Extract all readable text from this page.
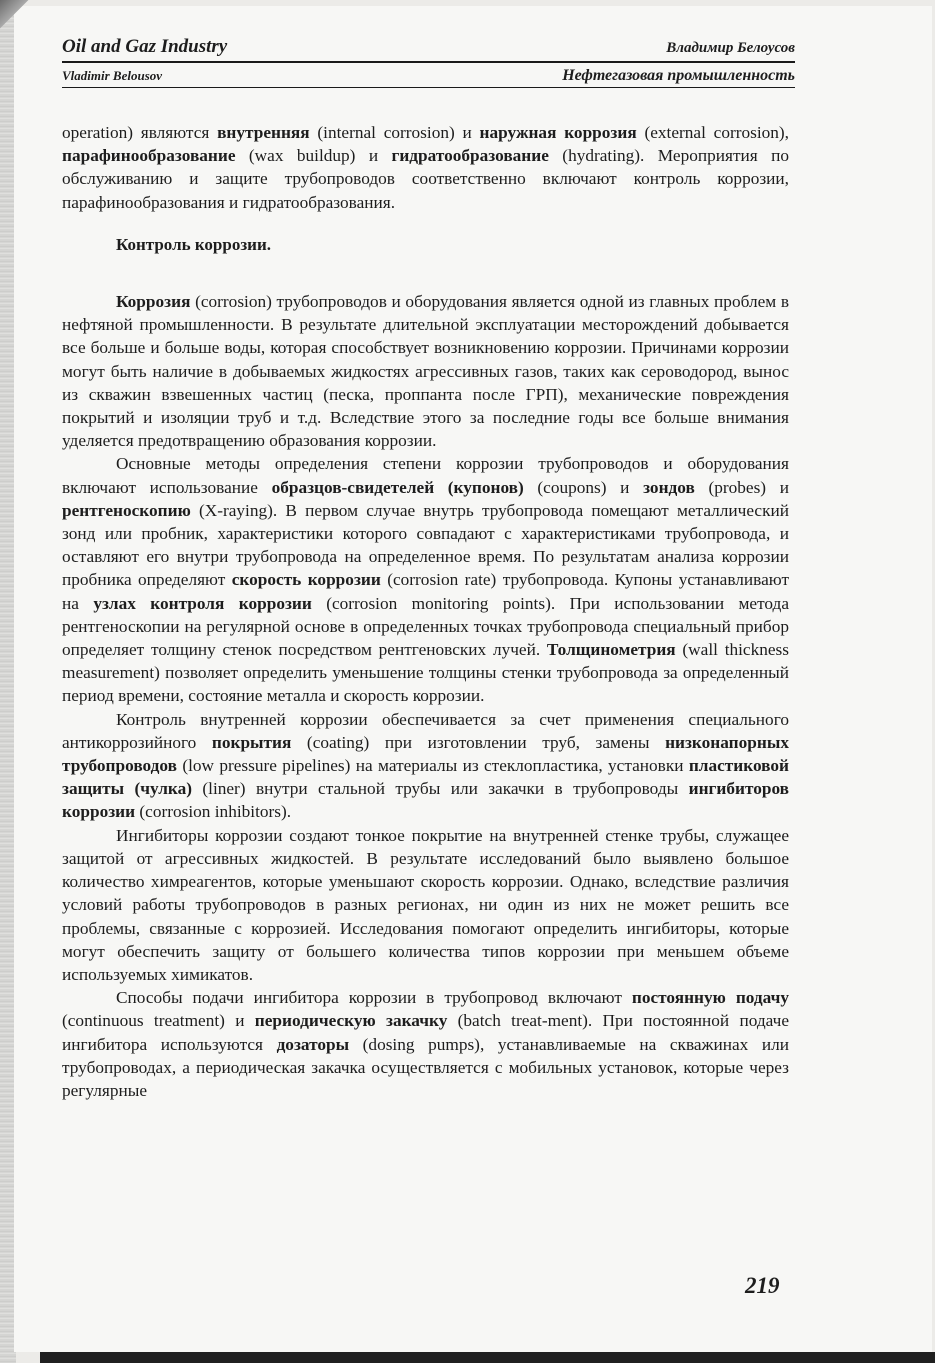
Oil and Gaz Industry	Владимир Белоусов
Vladimir Belousov	Нефтегазовая промышленность

operation) являются внутренняя (internal corrosion) и наружная коррозия (external corrosion), парафинообразование (wax buildup) и гидратообразование (hydrating). Мероприятия по обслуживанию и защите трубопроводов соответственно включают контроль коррозии, парафинообразования и гидратообразования.

Контроль коррозии.

Коррозия (corrosion) трубопроводов и оборудования является одной из главных проблем в нефтяной промышленности. В результате длительной эксплуатации месторождений добывается все больше и больше воды, которая способствует возникновению коррозии. Причинами коррозии могут быть наличие в добываемых жидкостях агрессивных газов, таких как сероводород, вынос из скважин взвешенных частиц (песка, проппанта после ГРП), механические повреждения покрытий и изоляции труб и т.д. Вследствие этого за последние годы все больше внимания уделяется предотвращению образования коррозии.

Основные методы определения степени коррозии трубопроводов и оборудования включают использование образцов-свидетелей (купонов) (coupons) и зондов (probes) и рентгеноскопию (X-raying). В первом случае внутрь трубопровода помещают металлический зонд или пробник, характеристики которого совпадают с характеристиками трубопровода, и оставляют его внутри трубопровода на определенное время. По результатам анализа коррозии пробника определяют скорость коррозии (corrosion rate) трубопровода. Купоны устанавливают на узлах контроля коррозии (corrosion monitoring points). При использовании метода рентгеноскопии на регулярной основе в определенных точках трубопровода специальный прибор определяет толщину стенок посредством рентгеновских лучей. Толщинометрия (wall thickness measurement) позволяет определить уменьшение толщины стенки трубопровода за определенный период времени, состояние металла и скорость коррозии.

Контроль внутренней коррозии обеспечивается за счет применения специального антикоррозийного покрытия (coating) при изготовлении труб, замены низконапорных трубопроводов (low pressure pipelines) на материалы из стеклопластика, установки пластиковой защиты (чулка) (liner) внутри стальной трубы или закачки в трубопроводы ингибиторов коррозии (corrosion inhibitors).

Ингибиторы коррозии создают тонкое покрытие на внутренней стенке трубы, служащее защитой от агрессивных жидкостей. В результате исследований было выявлено большое количество химреагентов, которые уменьшают скорость коррозии. Однако, вследствие различия условий работы трубопроводов в разных регионах, ни один из них не может решить все проблемы, связанные с коррозией. Исследования помогают определить ингибиторы, которые могут обеспечить защиту от большего количества типов коррозии при меньшем объеме используемых химикатов.

Способы подачи ингибитора коррозии в трубопровод включают постоянную подачу (continuous treatment) и периодическую закачку (batch treat-ment). При постоянной подаче ингибитора используются дозаторы (dosing pumps), устанавливаемые на скважинах или трубопроводах, а периодическая закачка осуществляется с мобильных установок, которые через регулярные

219
